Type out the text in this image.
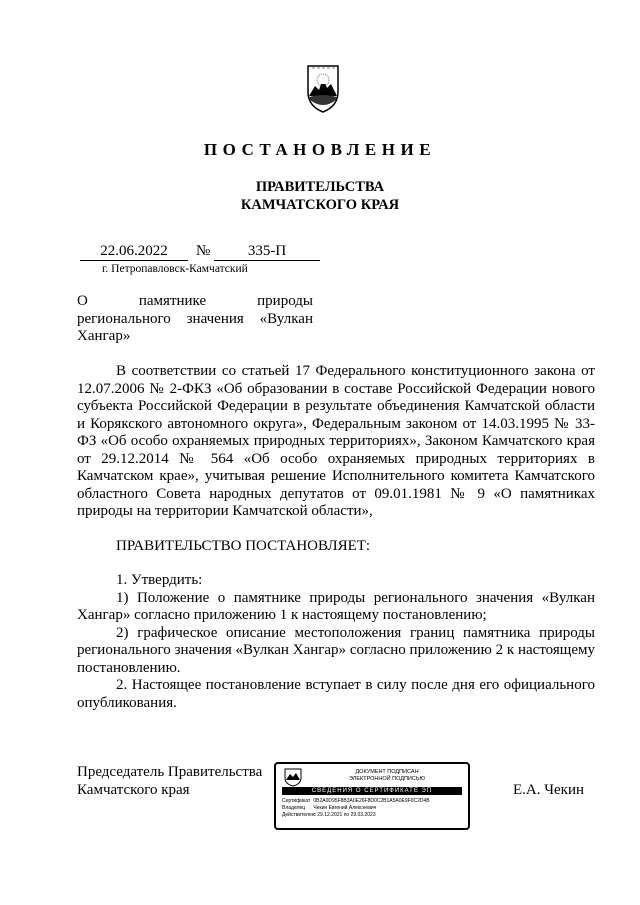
ПОСТАНОВЛЕНИЕ
ПРАВИТЕЛЬСТВА
КАМЧАТСКОГО КРАЯ
22.06.2022	№	335-П
г. Петропавловск-Камчатский
О памятнике природы регионального значения «Вулкан Хангар»

В соответствии со статьей 17 Федерального конституционного закона от 12.07.2006 № 2-ФКЗ «Об образовании в составе Российской Федерации нового субъекта Российской Федерации в результате объединения Камчатской области и Корякского автономного округа», Федеральным законом от 14.03.1995 № 33-ФЗ «Об особо охраняемых природных территориях», Законом Камчатского края от 29.12.2014 № 564 «Об особо охраняемых природных территориях в Камчатском крае», учитывая решение Исполнительного комитета Камчатского областного Совета народных депутатов от 09.01.1981 № 9 «О памятниках природы на территории Камчатской области»,

ПРАВИТЕЛЬСТВО ПОСТАНОВЛЯЕТ:

1. Утвердить:

1) Положение о памятнике природы регионального значения «Вулкан Хангар» согласно приложению 1 к настоящему постановлению;

2) графическое описание местоположения границ памятника природы регионального значения «Вулкан Хангар» согласно приложению 2 к настоящему постановлению.

2. Настоящее постановление вступает в силу после дня его официального опубликования.

Председатель Правительства
Камчатского края	Е.А. Чекин
ДОКУМЕНТ ПОДПИСАН
ЭЛЕКТРОННОЙ ПОДПИСЬЮ
СВЕДЕНИЯ О СЕРТИФИКАТЕ ЭП
Сертификат 0B2A0D95F8B3A0E26F8D0C2B1A5A0E9F0C2D4B
Владелец Чекин Евгений Алексеевич
Действителен с 29.12.2021 по 29.03.2023
